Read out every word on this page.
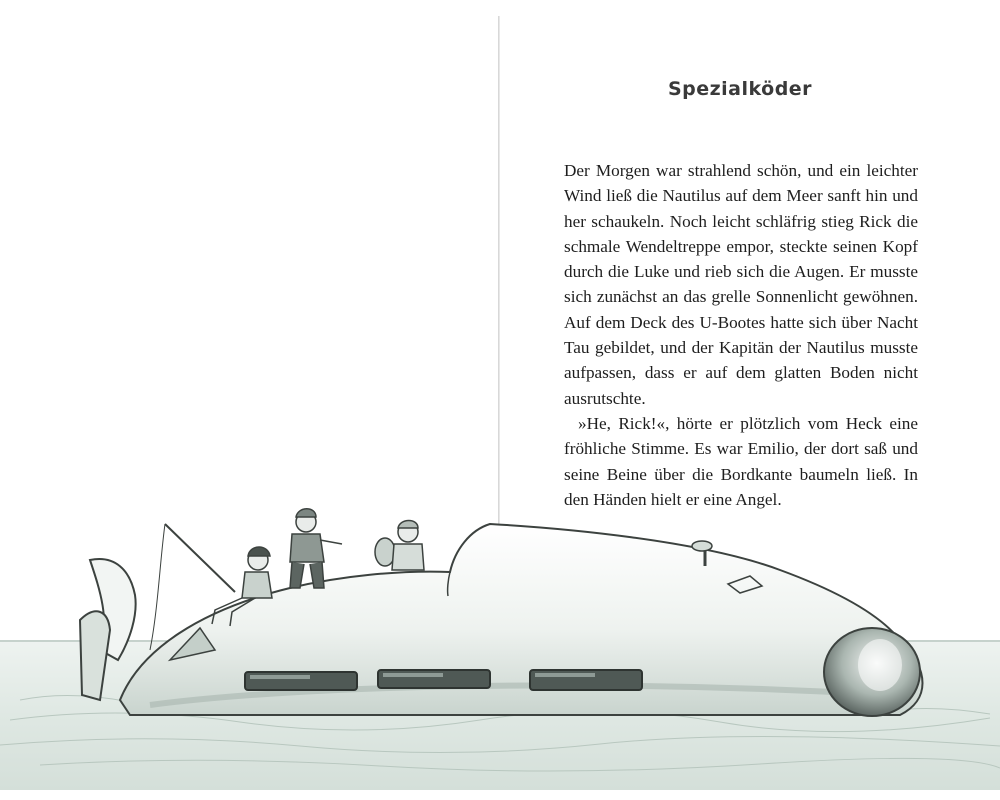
Spezialköder

Der Morgen war strahlend schön, und ein leichter Wind ließ die Nautilus auf dem Meer sanft hin und her schaukeln. Noch leicht schläfrig stieg Rick die schmale Wendeltreppe empor, steckte seinen Kopf durch die Luke und rieb sich die Augen. Er musste sich zunächst an das grelle Sonnenlicht gewöhnen. Auf dem Deck des U-Bootes hatte sich über Nacht Tau gebildet, und der Kapitän der Nautilus musste aufpassen, dass er auf dem glatten Boden nicht ausrutschte.

»He, Rick!«, hörte er plötzlich vom Heck eine fröhliche Stimme. Es war Emilio, der dort saß und seine Beine über die Bordkante baumeln ließ. In den Händen hielt er eine Angel.
